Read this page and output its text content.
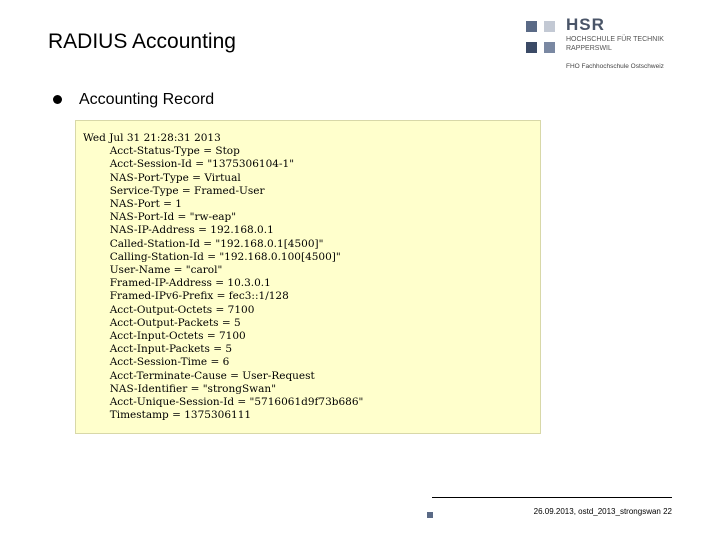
RADIUS Accounting
HSR
HOCHSCHULE FÜR TECHNIK
RAPPERSWIL
FHO Fachhochschule Ostschweiz
Accounting Record
Wed Jul 31 21:28:31 2013
Acct-Status-Type = Stop
Acct-Session-Id = "1375306104-1"
NAS-Port-Type = Virtual
Service-Type = Framed-User
NAS-Port = 1
NAS-Port-Id = "rw-eap"
NAS-IP-Address = 192.168.0.1
Called-Station-Id = "192.168.0.1[4500]"
Calling-Station-Id = "192.168.0.100[4500]"
User-Name = "carol"
Framed-IP-Address = 10.3.0.1
Framed-IPv6-Prefix = fec3::1/128
Acct-Output-Octets = 7100
Acct-Output-Packets = 5
Acct-Input-Octets = 7100
Acct-Input-Packets = 5
Acct-Session-Time = 6
Acct-Terminate-Cause = User-Request
NAS-Identifier = "strongSwan"
Acct-Unique-Session-Id = "5716061d9f73b686"
Timestamp = 1375306111
26.09.2013, ostd_2013_strongswan 22
